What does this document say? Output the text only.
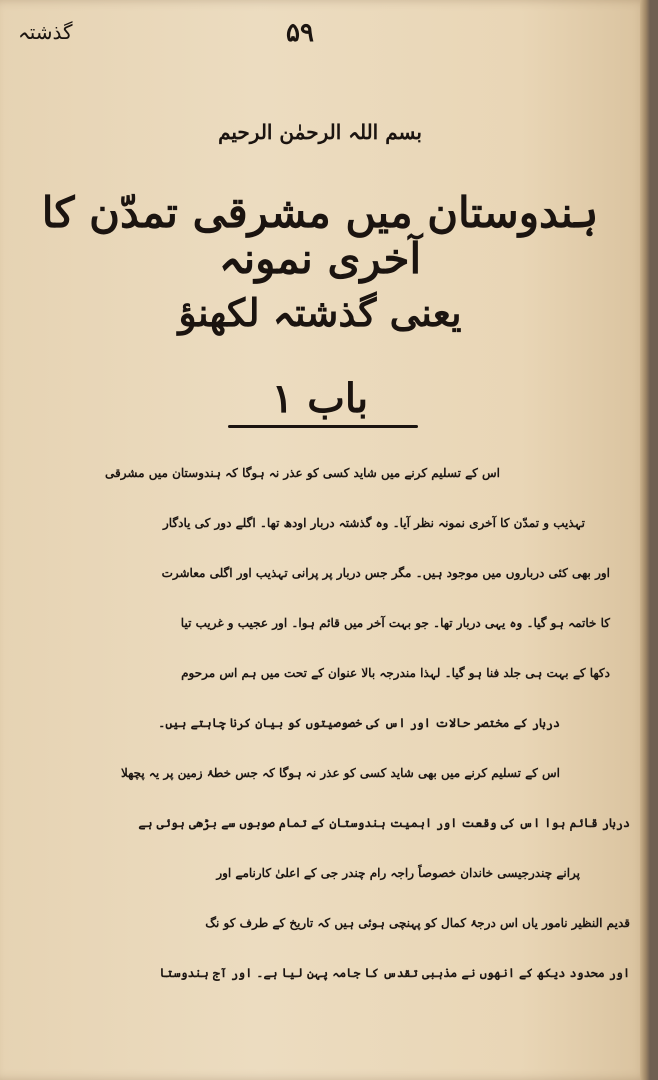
گذشتہ	۵۹
بسم اللہ الرحمٰن الرحیم
ہندوستان میں مشرقی تمدّن کا آخری نمونہ
یعنی گذشتہ لکھنؤ
باب ۱

اس کے تسلیم کرنے میں شاید کسی کو عذر نہ ہوگا کہ ہندوستان میں مشرقی

تہذیب و تمدّن کا آخری نمونہ نظر آیا۔ وہ گذشتہ دربار اودھ تھا۔ اگلے دور کی یادگار

اور بھی کئی درباروں میں موجود ہیں۔ مگر جس دربار پر پرانی تہذیب اور اگلی معاشرت

کا خاتمہ ہو گیا۔ وہ یہی دربار تھا۔ جو بہت آخر میں قائم ہوا۔ اور عجیب و غریب تیا

دکھا کے بہت ہی جلد فنا ہو گیا۔ لہذا مندرجہ بالا عنوان کے تحت میں ہم اس مرحوم

دربار کے مختصر حالات اور اس کی خصوصیتوں کو بیان کرنا چاہتے ہیں۔

اس کے تسلیم کرنے میں بھی شاید کسی کو عذر نہ ہوگا کہ جس خطۂ زمین پر یہ پچھلا

دربار قائم ہوا اس کی وقعت اور اہمیت ہندوستان کے تمام صوبوں سے بڑھی ہوئی ہے

پرانے چندرجیسی خاندان خصوصاً راجہ رام چندر جی کے اعلیٰ کارنامے اور

قدیم النظیر نامور یاں اس درجۂ کمال کو پہنچی ہوئی ہیں کہ تاریخ کے طرف کو نگ

اور محدود دیکھ کے انھوں نے مذہبی تقدس کا جامہ پہن لیا ہے۔ اور آج ہندوستا
